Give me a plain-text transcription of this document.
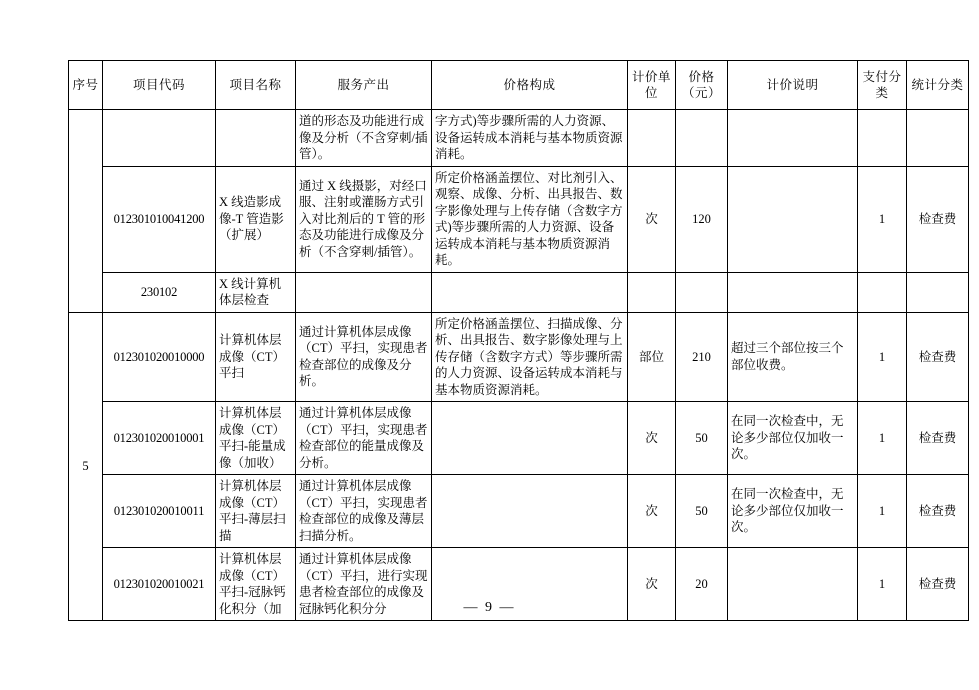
序号	项目代码	项目名称	服务产出	价格构成	计价单位	价格（元）	计价说明	支付分类	统计分类
			道的形态及功能进行成像及分析（不含穿刺/插管）。	字方式)等步骤所需的人力资源、设备运转成本消耗与基本物质资源消耗。					
	012301010041200	X 线造影成像-T 管造影（扩展）	通过 X 线摄影，对经口服、注射或灌肠方式引入对比剂后的 T 管的形态及功能进行成像及分析（不含穿刺/插管）。	所定价格涵盖摆位、对比剂引入、观察、成像、分析、出具报告、数字影像处理与上传存储（含数字方式)等步骤所需的人力资源、设备运转成本消耗与基本物质资源消耗。	次	120		1	检查费
	230102	X 线计算机体层检查							
5	012301020010000	计算机体层成像（CT）平扫	通过计算机体层成像（CT）平扫，实现患者检查部位的成像及分析。	所定价格涵盖摆位、扫描成像、分析、出具报告、数字影像处理与上传存储（含数字方式）等步骤所需的人力资源、设备运转成本消耗与基本物质资源消耗。	部位	210	超过三个部位按三个部位收费。	1	检查费
	012301020010001	计算机体层成像（CT）平扫-能量成像（加收）	通过计算机体层成像（CT）平扫，实现患者检查部位的能量成像及分析。		次	50	在同一次检查中，无论多少部位仅加收一次。	1	检查费
	012301020010011	计算机体层成像（CT）平扫-薄层扫描	通过计算机体层成像（CT）平扫，实现患者检查部位的成像及薄层扫描分析。		次	50	在同一次检查中，无论多少部位仅加收一次。	1	检查费
	012301020010021	计算机体层成像（CT）平扫-冠脉钙化积分（加	通过计算机体层成像（CT）平扫，进行实现患者检查部位的成像及冠脉钙化积分分		次	20		1	检查费
— 9 —
